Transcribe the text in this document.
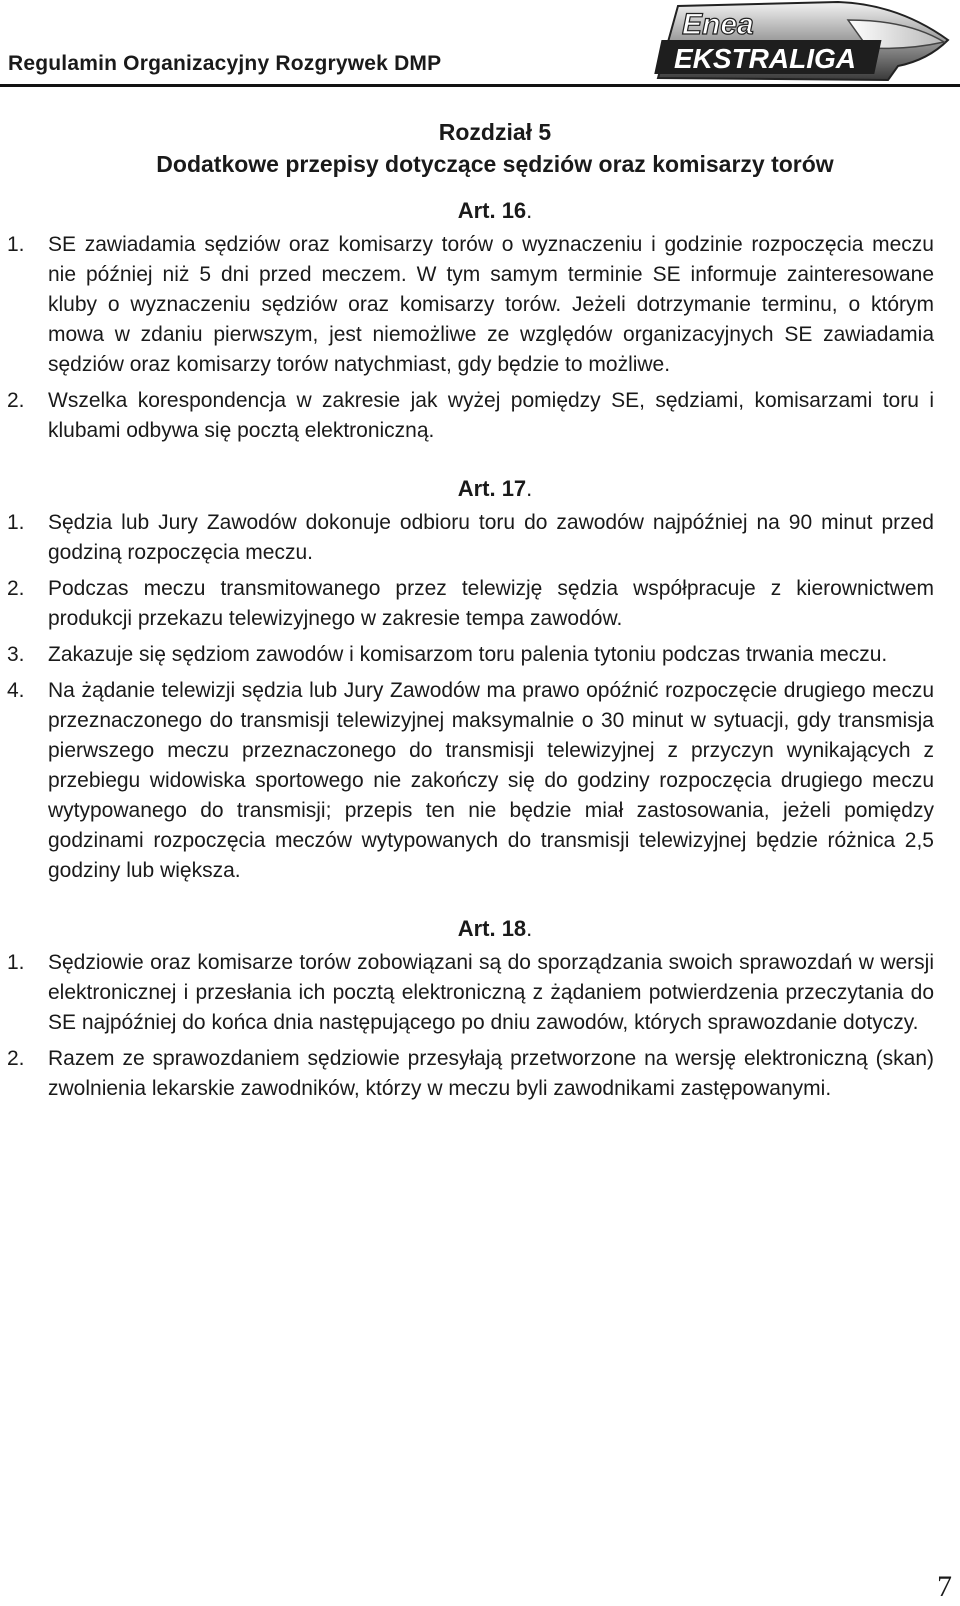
Regulamin Organizacyjny Rozgrywek DMP
Enea
EKSTRALIGA
Rozdział 5
Dodatkowe przepisy dotyczące sędziów oraz komisarzy torów
Art. 16.
1. SE zawiadamia sędziów oraz komisarzy torów o wyznaczeniu i godzinie rozpoczęcia meczu nie później niż 5 dni przed meczem. W tym samym terminie SE informuje zainteresowane kluby o wyznaczeniu sędziów oraz komisarzy torów. Jeżeli dotrzymanie terminu, o którym mowa w zdaniu pierwszym, jest niemożliwe ze względów organizacyjnych SE zawiadamia sędziów oraz komisarzy torów natychmiast, gdy będzie to możliwe.
2. Wszelka korespondencja w zakresie jak wyżej pomiędzy SE, sędziami, komisarzami toru i klubami odbywa się pocztą elektroniczną.
Art. 17.
1. Sędzia lub Jury Zawodów dokonuje odbioru toru do zawodów najpóźniej na 90 minut przed godziną rozpoczęcia meczu.
2. Podczas meczu transmitowanego przez telewizję sędzia współpracuje z kierownictwem produkcji przekazu telewizyjnego w zakresie tempa zawodów.
3. Zakazuje się sędziom zawodów i komisarzom toru palenia tytoniu podczas trwania meczu.
4. Na żądanie telewizji sędzia lub Jury Zawodów ma prawo opóźnić rozpoczęcie drugiego meczu przeznaczonego do transmisji telewizyjnej maksymalnie o 30 minut w sytuacji, gdy transmisja pierwszego meczu przeznaczonego do transmisji telewizyjnej z przyczyn wynikających z przebiegu widowiska sportowego nie zakończy się do godziny rozpoczęcia drugiego meczu wytypowanego do transmisji; przepis ten nie będzie miał zastosowania, jeżeli pomiędzy godzinami rozpoczęcia meczów wytypowanych do transmisji telewizyjnej będzie różnica 2,5 godziny lub większa.
Art. 18.
1. Sędziowie oraz komisarze torów zobowiązani są do sporządzania swoich sprawozdań w wersji elektronicznej i przesłania ich pocztą elektroniczną z żądaniem potwierdzenia przeczytania do SE najpóźniej do końca dnia następującego po dniu zawodów, których sprawozdanie dotyczy.
2. Razem ze sprawozdaniem sędziowie przesyłają przetworzone na wersję elektroniczną (skan) zwolnienia lekarskie zawodników, którzy w meczu byli zawodnikami zastępowanymi.
7
